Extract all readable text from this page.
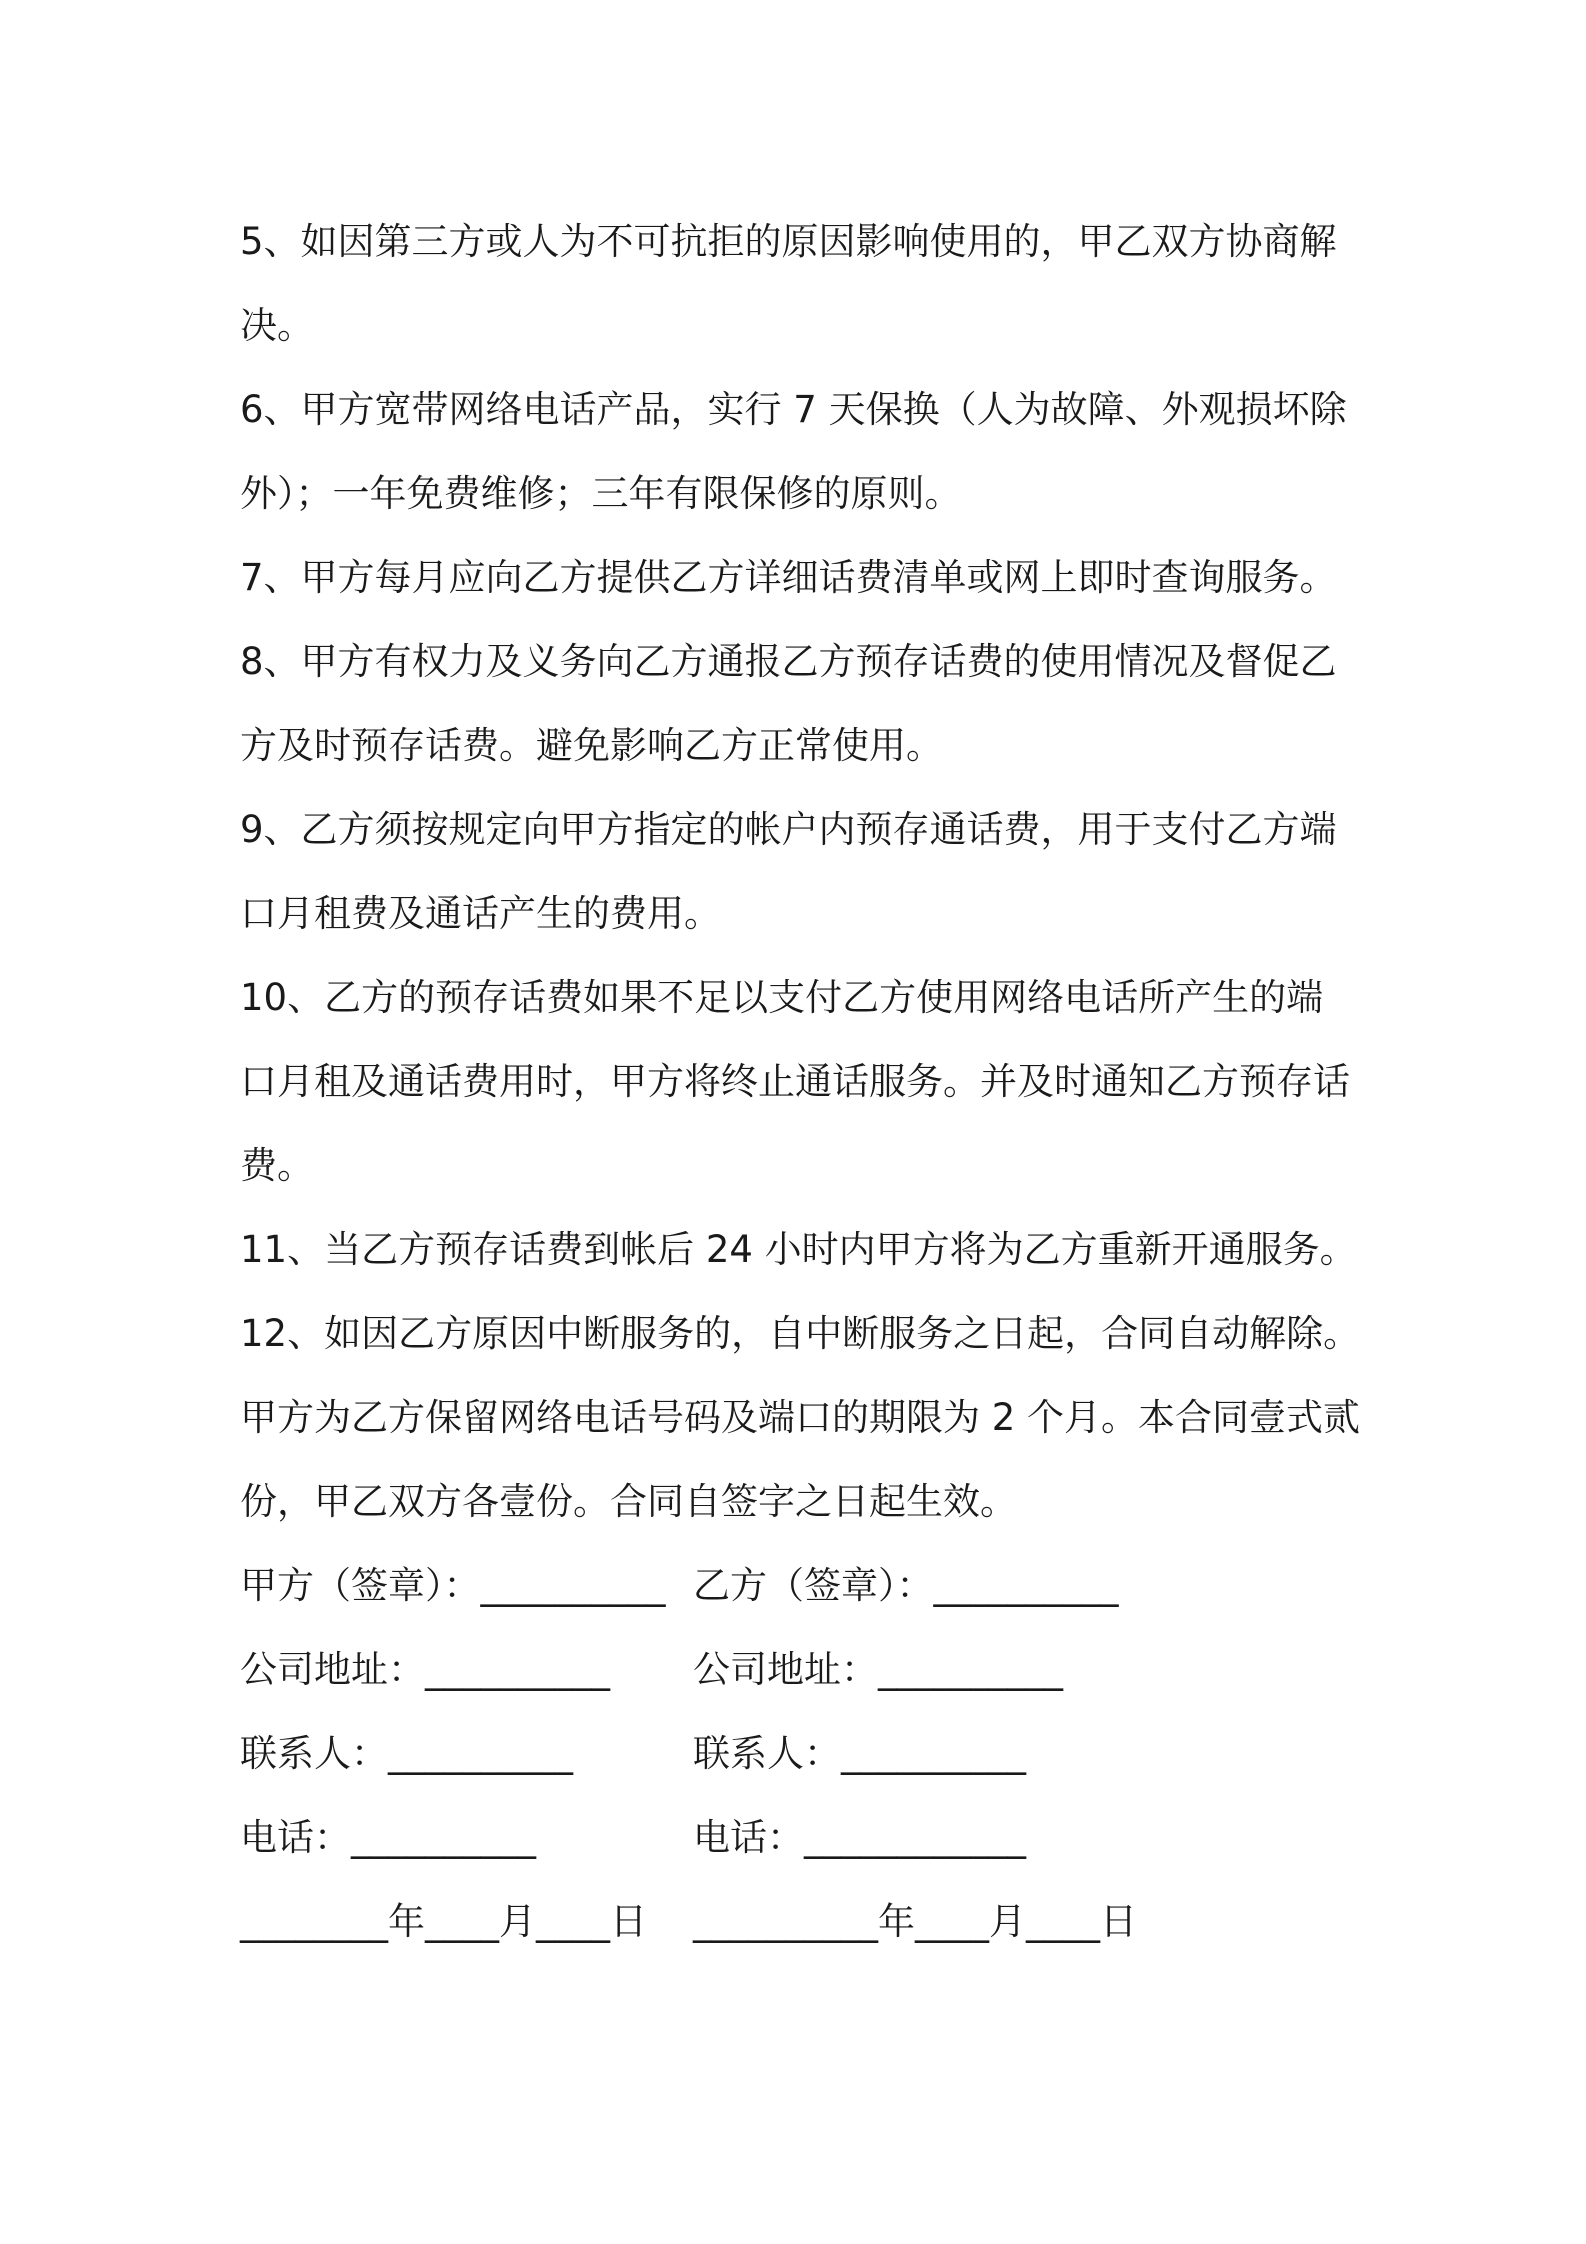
5、如因第三方或人为不可抗拒的原因影响使用的，甲乙双方协商解
决。

6、甲方宽带网络电话产品，实行 7 天保换（人为故障、外观损坏除
外）；一年免费维修；三年有限保修的原则。

7、甲方每月应向乙方提供乙方详细话费清单或网上即时查询服务。

8、甲方有权力及义务向乙方通报乙方预存话费的使用情况及督促乙
方及时预存话费。避免影响乙方正常使用。

9、乙方须按规定向甲方指定的帐户内预存通话费，用于支付乙方端
口月租费及通话产生的费用。

10、乙方的预存话费如果不足以支付乙方使用网络电话所产生的端
口月租及通话费用时，甲方将终止通话服务。并及时通知乙方预存话
费。

11、当乙方预存话费到帐后 24 小时内甲方将为乙方重新开通服务。

12、如因乙方原因中断服务的，自中断服务之日起，合同自动解除。
甲方为乙方保留网络电话号码及端口的期限为 2 个月。本合同壹式贰
份，甲乙双方各壹份。合同自签字之日起生效。

甲方（签章）：__________ 乙方（签章）：__________
公司地址：__________ 公司地址：__________
联系人：__________	联系人：__________
电话：__________	电话：____________
________年____月____日 __________年____月____日
